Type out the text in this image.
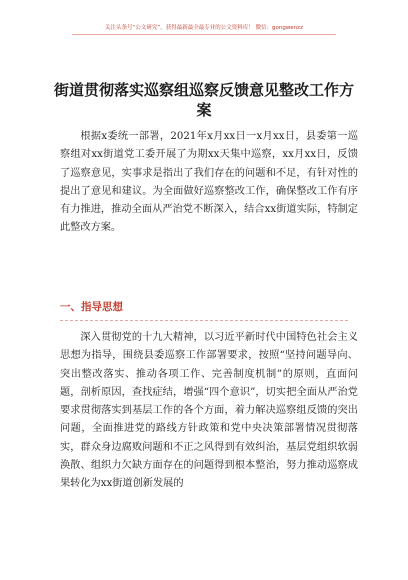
关注头条号“公文研究”，获得最新最全最专业的公文资料库！ 微信：gongwenzz
街道贯彻落实巡察组巡察反馈意见整改工作方案

根据x委统一部署，2021年x月xx日一x月xx日，县委第一巡察组对xx街道党工委开展了为期xx天集中巡察，xx月xx日，反馈了巡察意见，实事求是指出了我们存在的问题和不足，有针对性的提出了意见和建议。为全面做好巡察整改工作，确保整改工作有序有力推进，推动全面从严治党不断深入，结合xx街道实际，特制定此整改方案。

一、指导思想

深入贯彻党的十九大精神，以习近平新时代中国特色社会主义思想为指导，围绕县委巡察工作部署要求，按照“坚持问题导向、突出整改落实、推动各项工作、完善制度机制”的原则，直面问题，剖析原因，查找症结，增强“四个意识”，切实把全面从严治党要求贯彻落实到基层工作的各个方面，着力解决巡察组反馈的突出问题，全面推进党的路线方针政策和党中央决策部署情况贯彻落实，群众身边腐败问题和不正之风得到有效纠治，基层党组织软弱涣散、组织力欠缺方面存在的问题得到根本整治，努力推动巡察成果转化为xx街道创新发展的
